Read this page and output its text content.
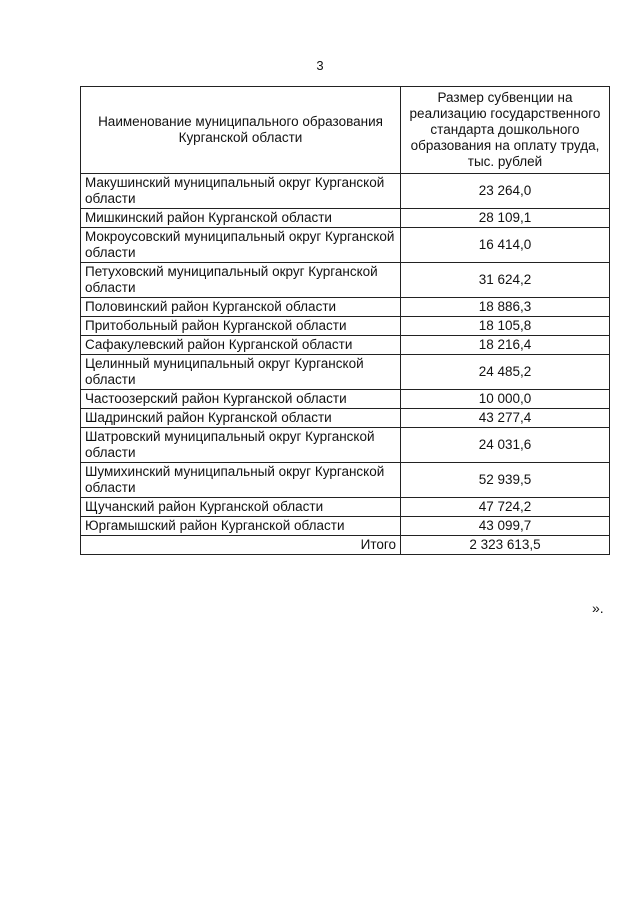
3
Наименование муниципального образования Курганской области	Размер субвенции на реализацию государственного стандарта дошкольного образования на оплату труда, тыс. рублей
Макушинский муниципальный округ Курганской области	23 264,0
Мишкинский район Курганской области	28 109,1
Мокроусовский муниципальный округ Курганской области	16 414,0
Петуховский муниципальный округ Курганской области	31 624,2
Половинский район Курганской области	18 886,3
Притобольный район Курганской области	18 105,8
Сафакулевский район Курганской области	18 216,4
Целинный муниципальный округ Курганской области	24 485,2
Частоозерский район Курганской области	10 000,0
Шадринский район Курганской области	43 277,4
Шатровский муниципальный округ Курганской области	24 031,6
Шумихинский муниципальный округ Курганской области	52 939,5
Щучанский район Курганской области	47 724,2
Юргамышский район Курганской области	43 099,7
Итого	2 323 613,5
».
